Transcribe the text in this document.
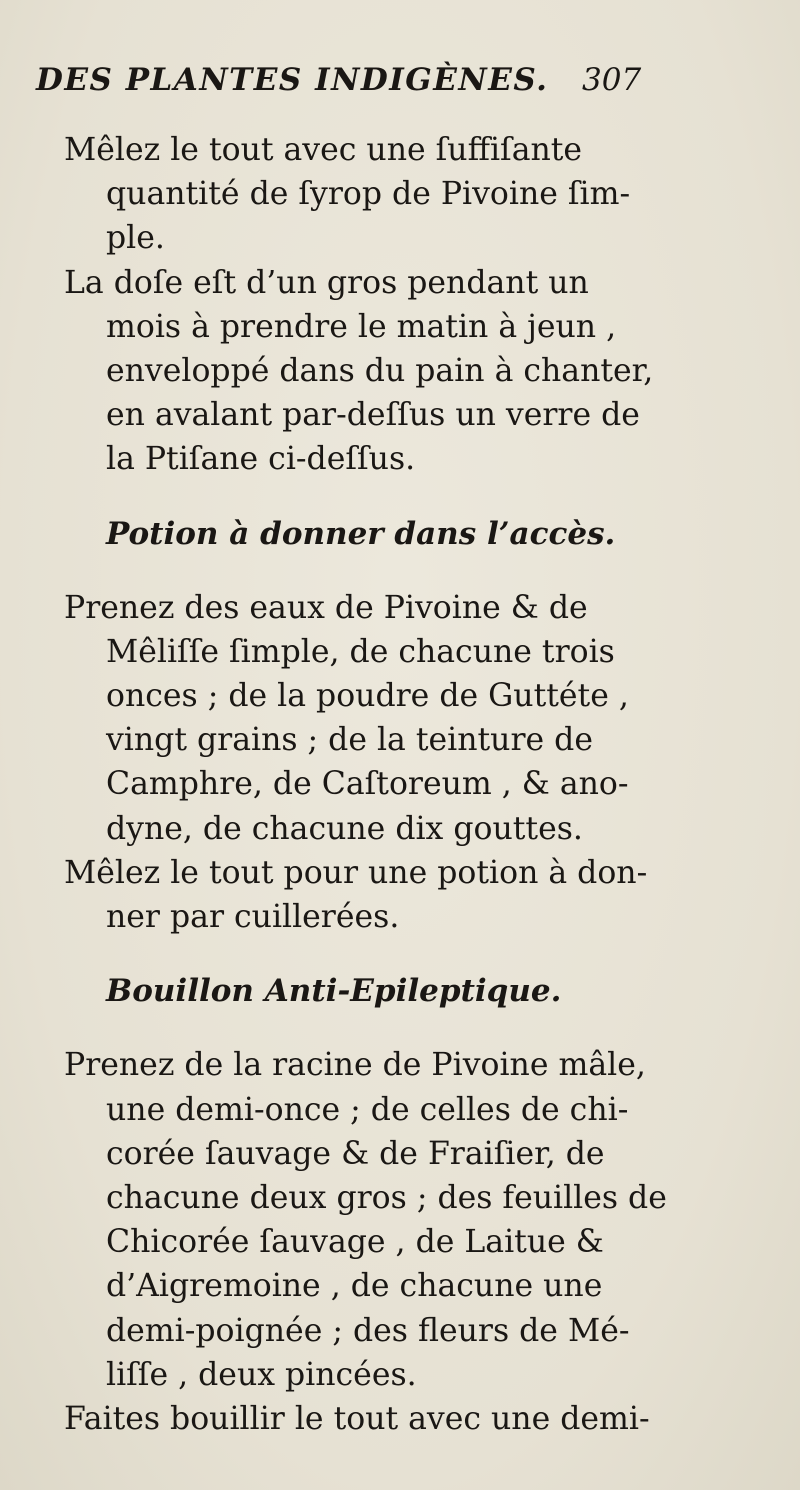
DES PLANTES INDIGÈNES. 307
Mêlez le tout avec une ſuffiſante
quantité de ſyrop de Pivoine ſim-
ple.
La doſe eſt d’un gros pendant un
mois à prendre le matin à jeun ,
enveloppé dans du pain à chanter,
en avalant par-deſſus un verre de
la Ptiſane ci-deſſus.
Potion à donner dans l’accès.
Prenez des eaux de Pivoine & de
Mêliſſe ſimple, de chacune trois
onces ; de la poudre de Guttéte ,
vingt grains ; de la teinture de
Camphre, de Caſtoreum , & ano-
dyne, de chacune dix gouttes.
Mêlez le tout pour une potion à don-
ner par cuillerées.
Bouillon Anti-Epileptique.
Prenez de la racine de Pivoine mâle,
une demi-once ; de celles de chi-
corée ſauvage & de Fraiſier, de
chacune deux gros ; des feuilles de
Chicorée ſauvage , de Laitue &
d’Aigremoine , de chacune une
demi-poignée ; des fleurs de Mé-
liſſe , deux pincées.
Faites bouillir le tout avec une demi-
